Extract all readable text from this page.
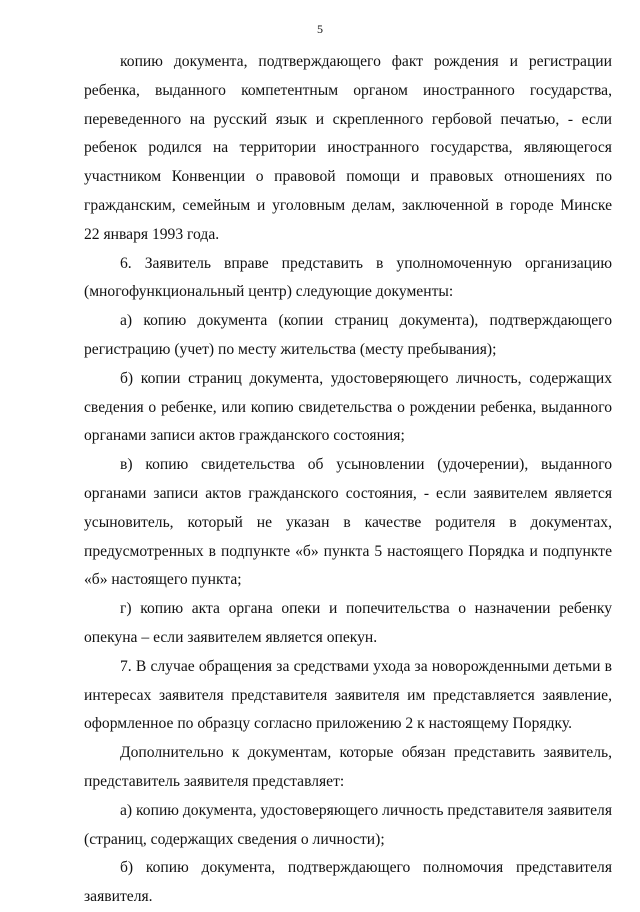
5
копию документа, подтверждающего факт рождения и регистрации
ребенка, выданного компетентным органом иностранного государства,
переведенного на русский язык и скрепленного гербовой печатью, - если
ребенок родился на территории иностранного государства, являющегося
участником Конвенции о правовой помощи и правовых отношениях по
гражданским, семейным и уголовным делам, заключенной в городе Минске
22 января 1993 года.
6. Заявитель вправе представить в уполномоченную организацию
(многофункциональный центр) следующие документы:
а) копию документа (копии страниц документа), подтверждающего
регистрацию (учет) по месту жительства (месту пребывания);
б) копии страниц документа, удостоверяющего личность, содержащих
сведения о ребенке, или копию свидетельства о рождении ребенка, выданного
органами записи актов гражданского состояния;
в) копию свидетельства об усыновлении (удочерении), выданного
органами записи актов гражданского состояния, - если заявителем является
усыновитель, который не указан в качестве родителя в документах,
предусмотренных в подпункте «б» пункта 5 настоящего Порядка и подпункте
«б» настоящего пункта;
г) копию акта органа опеки и попечительства о назначении ребенку
опекуна – если заявителем является опекун.
7. В случае обращения за средствами ухода за новорожденными детьми в
интересах заявителя представителя заявителя им представляется заявление,
оформленное по образцу согласно приложению 2 к настоящему Порядку.
Дополнительно к документам, которые обязан представить заявитель,
представитель заявителя представляет:
а) копию документа, удостоверяющего личность представителя заявителя
(страниц, содержащих сведения о личности);
б) копию документа, подтверждающего полномочия представителя
заявителя.
